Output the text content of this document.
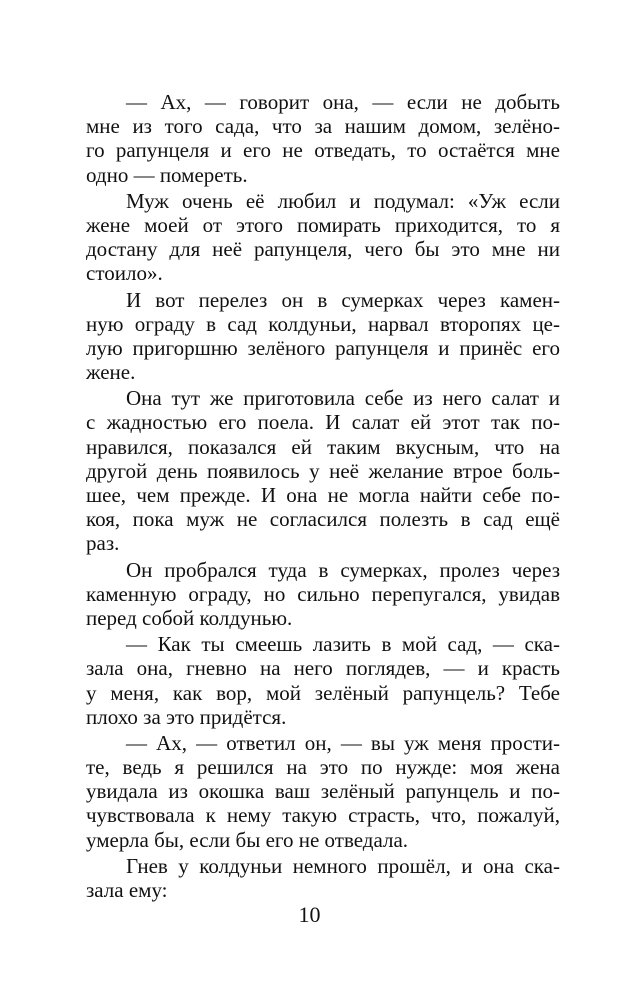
— Ах, — говорит она, — если не добыть
мне из того сада, что за нашим домом, зелёно-
го рапунцеля и его не отведать, то остаётся мне
одно — помереть.
Муж очень её любил и подумал: «Уж если
жене моей от этого помирать приходится, то я
достану для неё рапунцеля, чего бы это мне ни
стоило».
И вот перелез он в сумерках через камен-
ную ограду в сад колдуньи, нарвал второпях це-
лую пригоршню зелёного рапунцеля и принёс его
жене.
Она тут же приготовила себе из него салат и
с жадностью его поела. И салат ей этот так по-
нравился, показался ей таким вкусным, что на
другой день появилось у неё желание втрое боль-
шее, чем прежде. И она не могла найти себе по-
коя, пока муж не согласился полезть в сад ещё
раз.
Он пробрался туда в сумерках, пролез через
каменную ограду, но сильно перепугался, увидав
перед собой колдунью.
— Как ты смеешь лазить в мой сад, — ска-
зала она, гневно на него поглядев, — и красть
у меня, как вор, мой зелёный рапунцель? Тебе
плохо за это придётся.
— Ах, — ответил он, — вы уж меня прости-
те, ведь я решился на это по нужде: моя жена
увидала из окошка ваш зелёный рапунцель и по-
чувствовала к нему такую страсть, что, пожалуй,
умерла бы, если бы его не отведала.
Гнев у колдуньи немного прошёл, и она ска-
зала ему:
10
